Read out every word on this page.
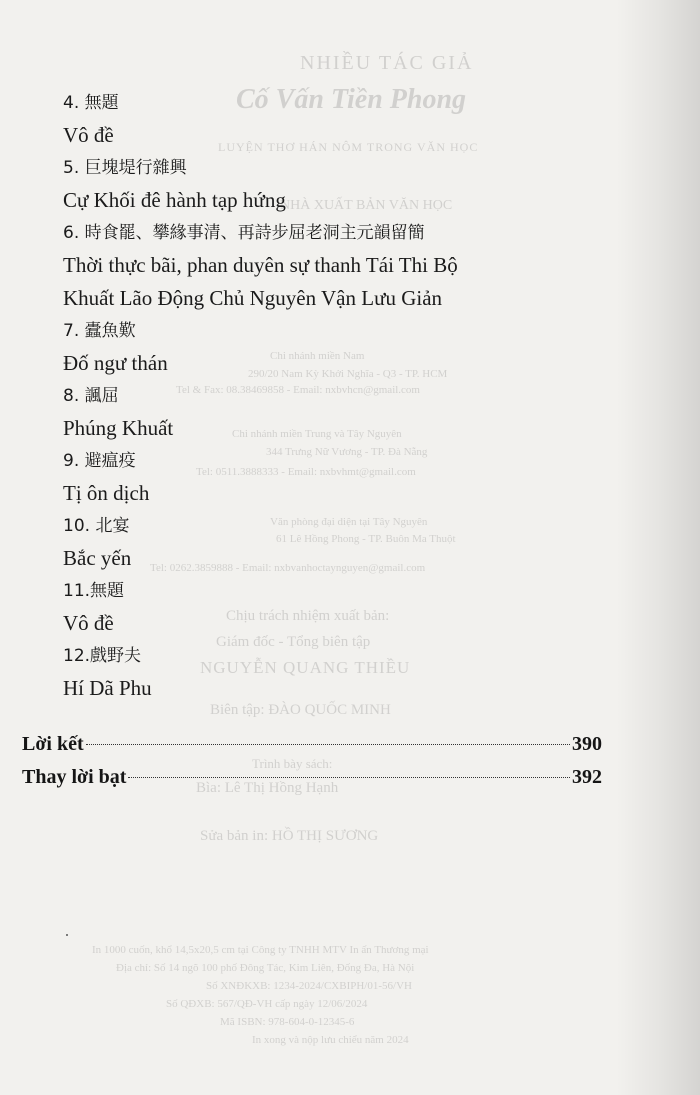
NHIỀU TÁC GIẢ
Cố Vấn Tiền Phong
LUYỆN THƠ HÁN NÔM TRONG VĂN HỌC
NHÀ XUẤT BẢN VĂN HỌC
Chi nhánh miền Nam
290/20 Nam Kỳ Khởi Nghĩa - Q3 - TP. HCM
Tel & Fax: 08.38469858 - Email: nxbvhcn@gmail.com
Chi nhánh miền Trung và Tây Nguyên
344 Trưng Nữ Vương - TP. Đà Nẵng
Tel: 0511.3888333 - Email: nxbvhmt@gmail.com
Văn phòng đại diện tại Tây Nguyên
61 Lê Hồng Phong - TP. Buôn Ma Thuột
Tel: 0262.3859888 - Email: nxbvanhoctaynguyen@gmail.com
Chịu trách nhiệm xuất bản:
Giám đốc - Tổng biên tập
NGUYỄN QUANG THIỀU
Biên tập: ĐÀO QUỐC MINH
Trình bày sách:
Bìa: Lê Thị Hồng Hạnh
Sửa bản in: HỒ THỊ SƯƠNG
In 1000 cuốn, khổ 14,5x20,5 cm tại Công ty TNHH MTV In ấn Thương mại
Địa chỉ: Số 14 ngõ 100 phố Đông Tác, Kim Liên, Đống Đa, Hà Nội
Số XNĐKXB: 1234-2024/CXBIPH/01-56/VH
Số QĐXB: 567/QĐ-VH cấp ngày 12/06/2024
Mã ISBN: 978-604-0-12345-6
In xong và nộp lưu chiểu năm 2024
4. 無題
Vô đề
5. 巨塊堤行雜興
Cự Khối đê hành tạp hứng
6. 時食罷、攀緣事清、再詩步屈老洞主元韻留簡
Thời thực bãi, phan duyên sự thanh Tái Thi Bộ
Khuất Lão Động Chủ Nguyên Vận Lưu Giản
7. 蠹魚歎
Đố ngư thán
8. 諷屈
Phúng Khuất
9. 避瘟疫
Tị ôn dịch
10. 北宴
Bắc yến
11.無題
Vô đề
12.戲野夫
Hí Dã Phu
Lời kết	390
Thay lời bạt	392
